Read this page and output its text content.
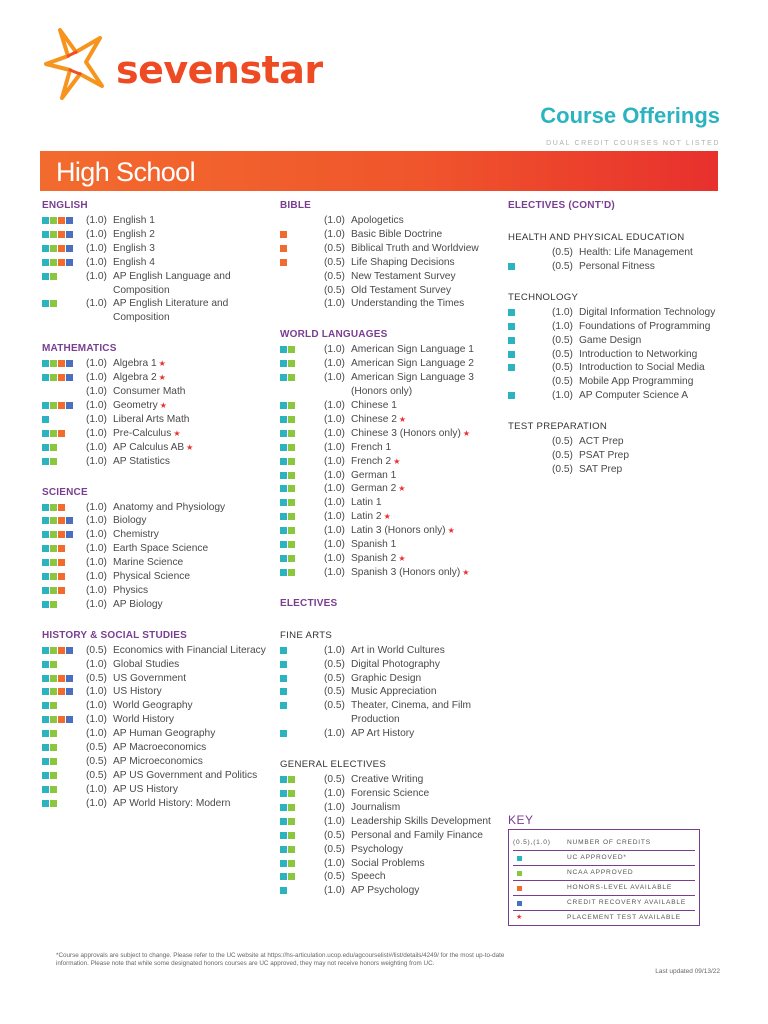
sevenstar
Course Offerings
DUAL CREDIT COURSES NOT LISTED
High School
ENGLISH
(1.0) English 1
(1.0) English 2
(1.0) English 3
(1.0) English 4
(1.0) AP English Language and Composition
(1.0) AP English Literature and Composition
MATHEMATICS
(1.0) Algebra 1 ★
(1.0) Algebra 2 ★
(1.0) Consumer Math
(1.0) Geometry ★
(1.0) Liberal Arts Math
(1.0) Pre-Calculus ★
(1.0) AP Calculus AB ★
(1.0) AP Statistics
SCIENCE
(1.0) Anatomy and Physiology
(1.0) Biology
(1.0) Chemistry
(1.0) Earth Space Science
(1.0) Marine Science
(1.0) Physical Science
(1.0) Physics
(1.0) AP Biology
HISTORY & SOCIAL STUDIES
(0.5) Economics with Financial Literacy
(1.0) Global Studies
(0.5) US Government
(1.0) US History
(1.0) World Geography
(1.0) World History
(1.0) AP Human Geography
(0.5) AP Macroeconomics
(0.5) AP Microeconomics
(0.5) AP US Government and Politics
(1.0) AP US History
(1.0) AP World History: Modern
BIBLE
(1.0) Apologetics
(1.0) Basic Bible Doctrine
(0.5) Biblical Truth and Worldview
(0.5) Life Shaping Decisions
(0.5) New Testament Survey
(0.5) Old Testament Survey
(1.0) Understanding the Times
WORLD LANGUAGES
(1.0) American Sign Language 1
(1.0) American Sign Language 2
(1.0) American Sign Language 3 (Honors only)
(1.0) Chinese 1
(1.0) Chinese 2 ★
(1.0) Chinese 3 (Honors only) ★
(1.0) French 1
(1.0) French 2 ★
(1.0) German 1
(1.0) German 2 ★
(1.0) Latin 1
(1.0) Latin 2 ★
(1.0) Latin 3 (Honors only) ★
(1.0) Spanish 1
(1.0) Spanish 2 ★
(1.0) Spanish 3 (Honors only) ★
ELECTIVES
FINE ARTS
(1.0) Art in World Cultures
(0.5) Digital Photography
(0.5) Graphic Design
(0.5) Music Appreciation
(0.5) Theater, Cinema, and Film Production
(1.0) AP Art History
GENERAL ELECTIVES
(0.5) Creative Writing
(1.0) Forensic Science
(1.0) Journalism
(1.0) Leadership Skills Development
(0.5) Personal and Family Finance
(0.5) Psychology
(1.0) Social Problems
(0.5) Speech
(1.0) AP Psychology
ELECTIVES (CONT’D)
HEALTH AND PHYSICAL EDUCATION
(0.5) Health: Life Management
(0.5) Personal Fitness
TECHNOLOGY
(1.0) Digital Information Technology
(1.0) Foundations of Programming
(0.5) Game Design
(0.5) Introduction to Networking
(0.5) Introduction to Social Media
(0.5) Mobile App Programming
(1.0) AP Computer Science A
TEST PREPARATION
(0.5) ACT Prep
(0.5) PSAT Prep
(0.5) SAT Prep
KEY
(0.5),(1.0)	NUMBER OF CREDITS
UC APPROVED*
NCAA APPROVED
HONORS-LEVEL AVAILABLE
CREDIT RECOVERY AVAILABLE
★	PLACEMENT TEST AVAILABLE
*Course approvals are subject to change. Please refer to the UC website at https://hs-articulation.ucop.edu/agcourselist#/list/details/4249/ for the most up-to-date information. Please note that while some designated honors courses are UC approved, they may not receive honors weighting from UC.
Last updated 09/13/22
